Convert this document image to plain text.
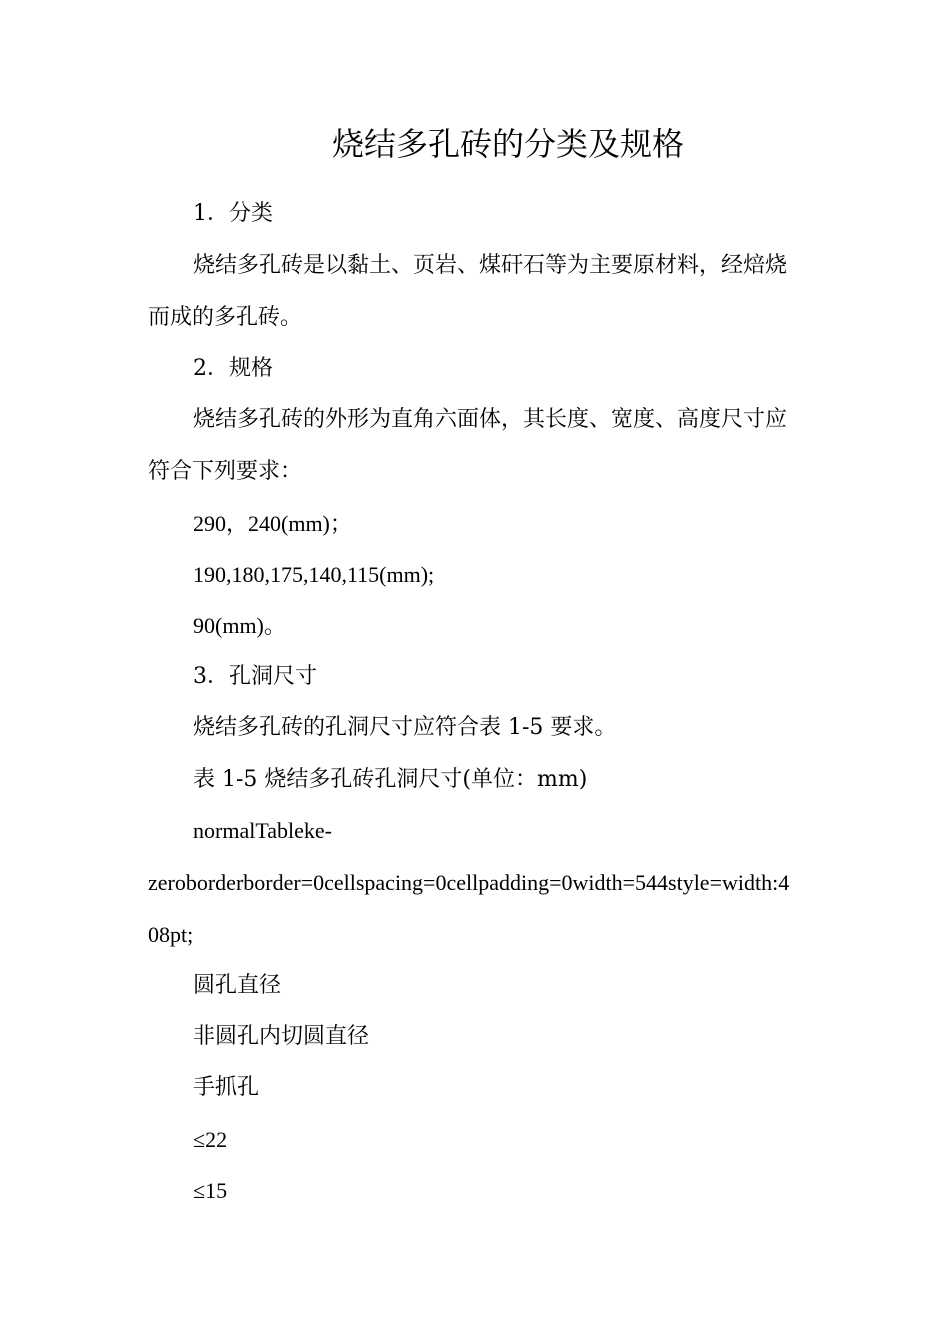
烧结多孔砖的分类及规格
1．分类
烧结多孔砖是以黏土、页岩、煤矸石等为主要原材料，经焙烧
而成的多孔砖。
2．规格
烧结多孔砖的外形为直角六面体，其长度、宽度、高度尺寸应
符合下列要求：
290，240(mm)；
190,180,175,140,115(mm);
90(mm)。
3．孔洞尺寸
烧结多孔砖的孔洞尺寸应符合表 1-5 要求。
表 1-5 烧结多孔砖孔洞尺寸(单位：mm)
normalTableke-
zeroborderborder=0cellspacing=0cellpadding=0width=544style=width:4
08pt;
圆孔直径
非圆孔内切圆直径
手抓孔
≤22
≤15
